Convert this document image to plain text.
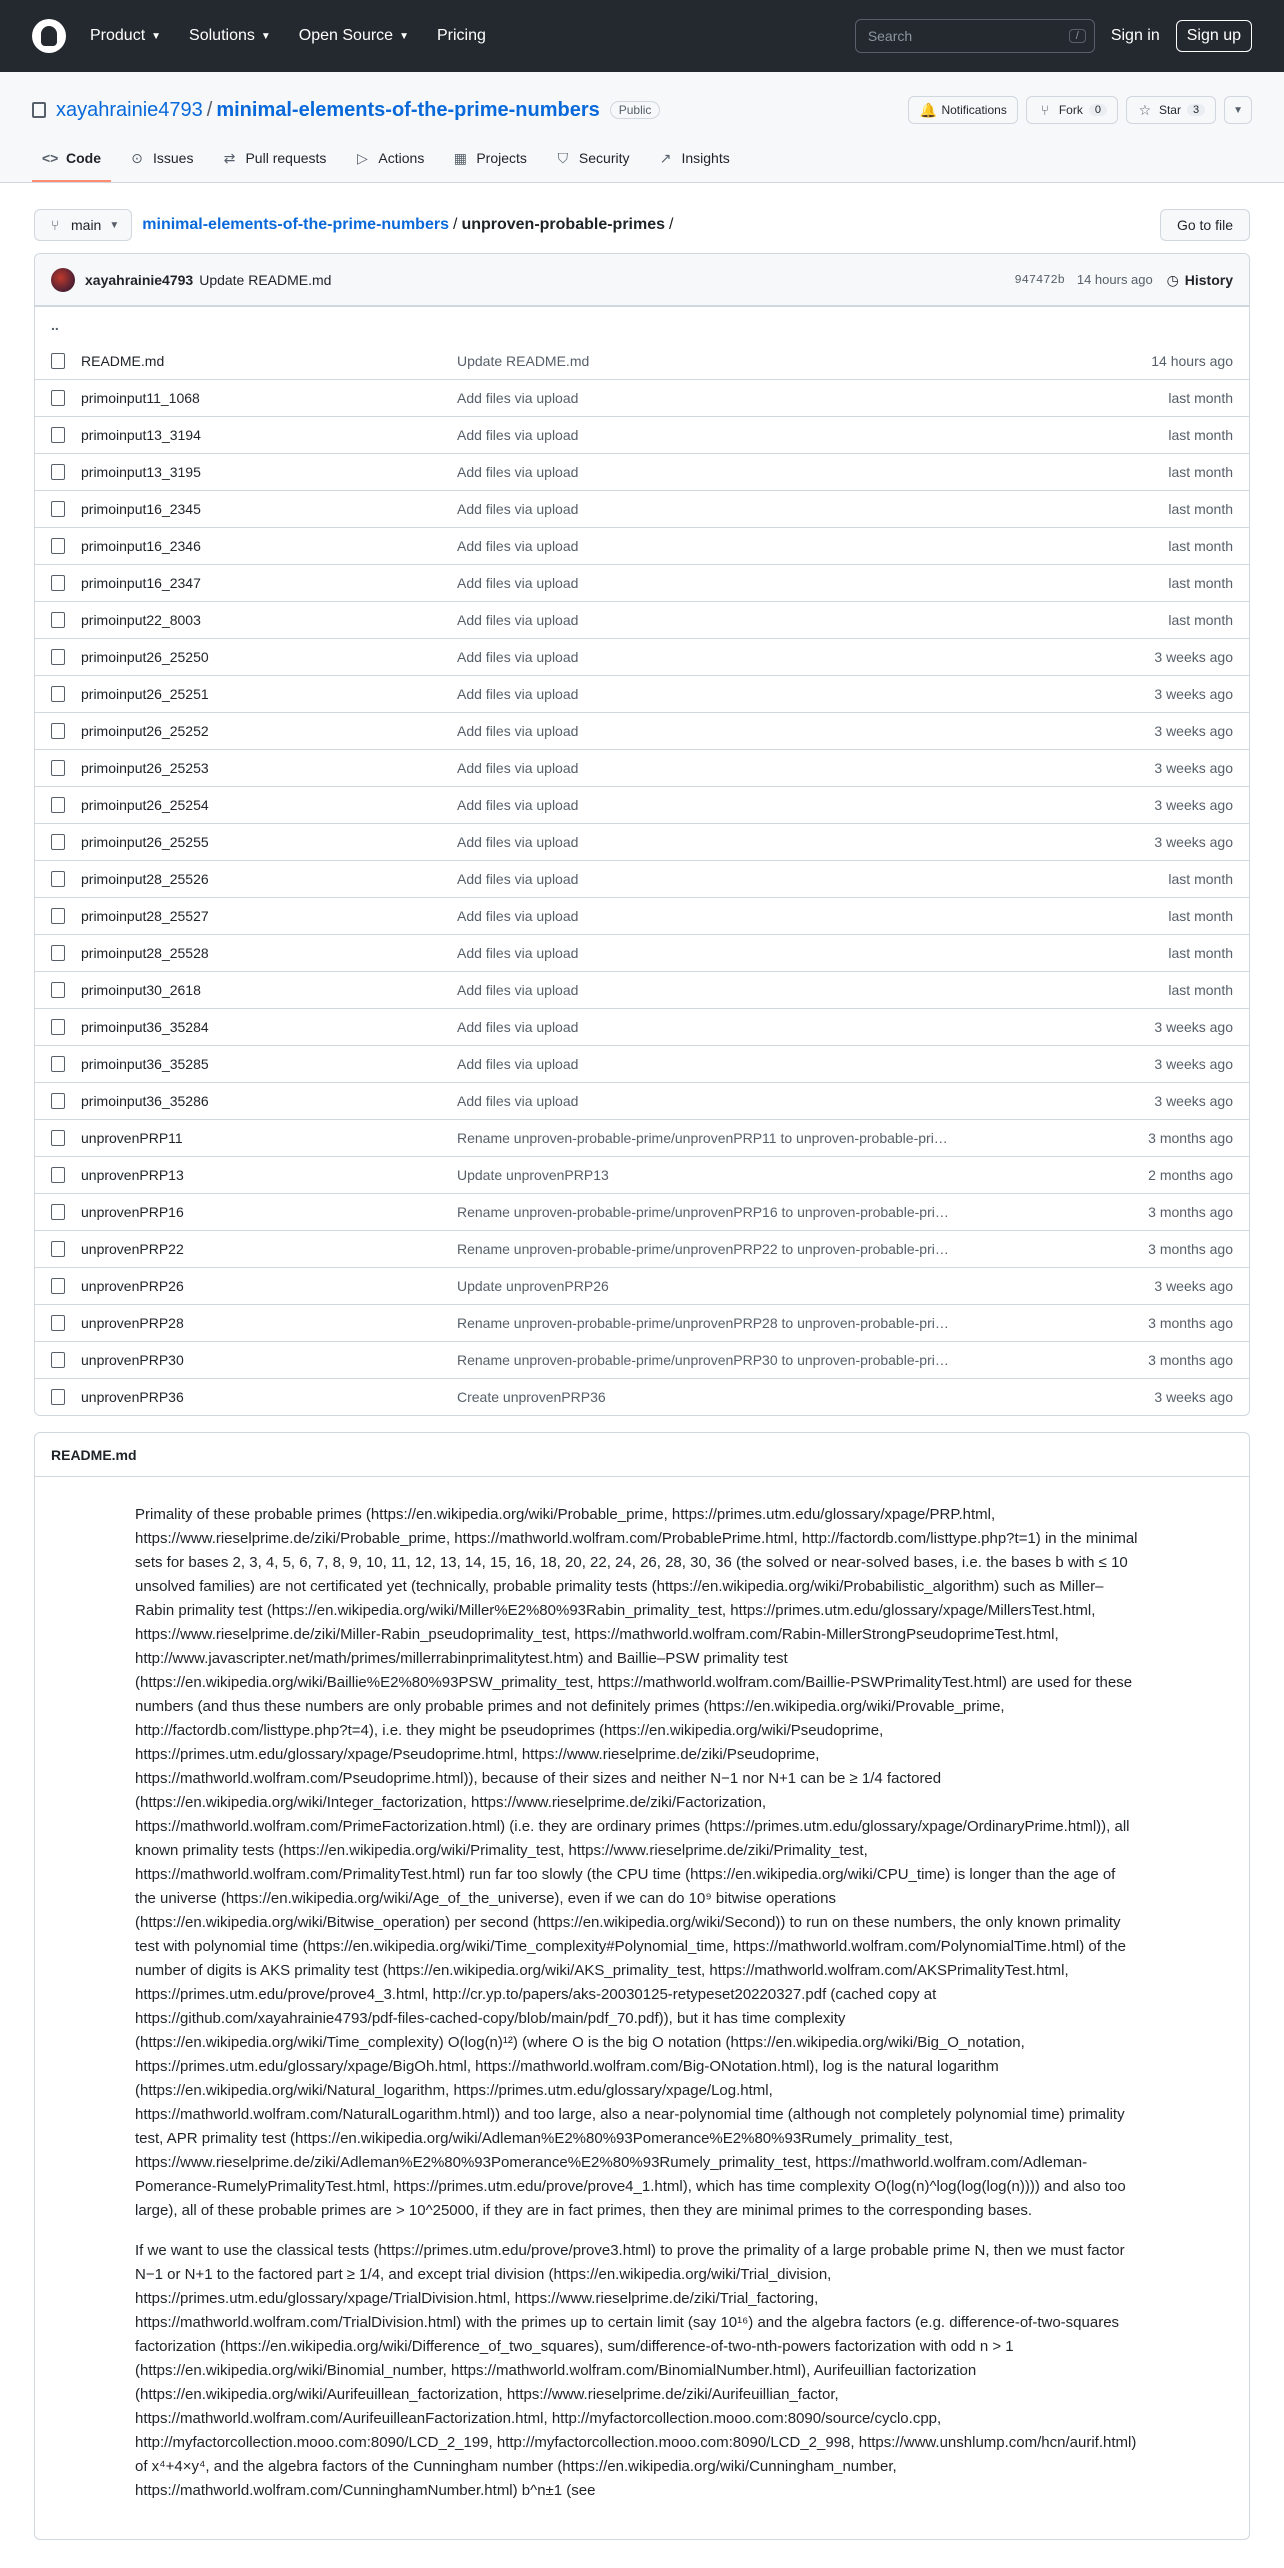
Product ▼ Solutions ▼ Open Source ▼ Pricing	Search	/	Sign in	Sign up
xayahrainie4793 / minimal-elements-of-the-prime-numbers	Public	🔔 Notifications ⑂ Fork	0	☆ Star	3	▼
<> Code ⊙ Issues ⇄ Pull requests ▷ Actions ▦ Projects ⛉ Security ↗ Insights
⑂ main ▼ minimal-elements-of-the-prime-numbers / unproven-probable-primes /	Go to file
xayahrainie4793 Update README.md	947472b 14 hours ago ◷ History
..
README.md	Update README.md	14 hours ago
primoinput11_1068	Add files via upload	last month
primoinput13_3194	Add files via upload	last month
primoinput13_3195	Add files via upload	last month
primoinput16_2345	Add files via upload	last month
primoinput16_2346	Add files via upload	last month
primoinput16_2347	Add files via upload	last month
primoinput22_8003	Add files via upload	last month
primoinput26_25250	Add files via upload	3 weeks ago
primoinput26_25251	Add files via upload	3 weeks ago
primoinput26_25252	Add files via upload	3 weeks ago
primoinput26_25253	Add files via upload	3 weeks ago
primoinput26_25254	Add files via upload	3 weeks ago
primoinput26_25255	Add files via upload	3 weeks ago
primoinput28_25526	Add files via upload	last month
primoinput28_25527	Add files via upload	last month
primoinput28_25528	Add files via upload	last month
primoinput30_2618	Add files via upload	last month
primoinput36_35284	Add files via upload	3 weeks ago
primoinput36_35285	Add files via upload	3 weeks ago
primoinput36_35286	Add files via upload	3 weeks ago
unprovenPRP11	Rename unproven-probable-prime/unprovenPRP11 to unproven-probable-pri…	3 months ago
unprovenPRP13	Update unprovenPRP13	2 months ago
unprovenPRP16	Rename unproven-probable-prime/unprovenPRP16 to unproven-probable-pri…	3 months ago
unprovenPRP22	Rename unproven-probable-prime/unprovenPRP22 to unproven-probable-pri…	3 months ago
unprovenPRP26	Update unprovenPRP26	3 weeks ago
unprovenPRP28	Rename unproven-probable-prime/unprovenPRP28 to unproven-probable-pri…	3 months ago
unprovenPRP30	Rename unproven-probable-prime/unprovenPRP30 to unproven-probable-pri…	3 months ago
unprovenPRP36	Create unprovenPRP36	3 weeks ago
README.md

Primality of these probable primes (https://en.wikipedia.org/wiki/Probable_prime, https://primes.utm.edu/glossary/xpage/PRP.html, https://www.rieselprime.de/ziki/Probable_prime, https://mathworld.wolfram.com/ProbablePrime.html, http://factordb.com/listtype.php?t=1) in the minimal sets for bases 2, 3, 4, 5, 6, 7, 8, 9, 10, 11, 12, 13, 14, 15, 16, 18, 20, 22, 24, 26, 28, 30, 36 (the solved or near-solved bases, i.e. the bases b with ≤ 10 unsolved families) are not certificated yet (technically, probable primality tests (https://en.wikipedia.org/wiki/Probabilistic_algorithm) such as Miller–Rabin primality test (https://en.wikipedia.org/wiki/Miller%E2%80%93Rabin_primality_test, https://primes.utm.edu/glossary/xpage/MillersTest.html, https://www.rieselprime.de/ziki/Miller-Rabin_pseudoprimality_test, https://mathworld.wolfram.com/Rabin-MillerStrongPseudoprimeTest.html, http://www.javascripter.net/math/primes/millerrabinprimalitytest.htm) and Baillie–PSW primality test (https://en.wikipedia.org/wiki/Baillie%E2%80%93PSW_primality_test, https://mathworld.wolfram.com/Baillie-PSWPrimalityTest.html) are used for these numbers (and thus these numbers are only probable primes and not definitely primes (https://en.wikipedia.org/wiki/Provable_prime, http://factordb.com/listtype.php?t=4), i.e. they might be pseudoprimes (https://en.wikipedia.org/wiki/Pseudoprime, https://primes.utm.edu/glossary/xpage/Pseudoprime.html, https://www.rieselprime.de/ziki/Pseudoprime, https://mathworld.wolfram.com/Pseudoprime.html)), because of their sizes and neither N−1 nor N+1 can be ≥ 1/4 factored (https://en.wikipedia.org/wiki/Integer_factorization, https://www.rieselprime.de/ziki/Factorization, https://mathworld.wolfram.com/PrimeFactorization.html) (i.e. they are ordinary primes (https://primes.utm.edu/glossary/xpage/OrdinaryPrime.html)), all known primality tests (https://en.wikipedia.org/wiki/Primality_test, https://www.rieselprime.de/ziki/Primality_test, https://mathworld.wolfram.com/PrimalityTest.html) run far too slowly (the CPU time (https://en.wikipedia.org/wiki/CPU_time) is longer than the age of the universe (https://en.wikipedia.org/wiki/Age_of_the_universe), even if we can do 10⁹ bitwise operations (https://en.wikipedia.org/wiki/Bitwise_operation) per second (https://en.wikipedia.org/wiki/Second)) to run on these numbers, the only known primality test with polynomial time (https://en.wikipedia.org/wiki/Time_complexity#Polynomial_time, https://mathworld.wolfram.com/PolynomialTime.html) of the number of digits is AKS primality test (https://en.wikipedia.org/wiki/AKS_primality_test, https://mathworld.wolfram.com/AKSPrimalityTest.html, https://primes.utm.edu/prove/prove4_3.html, http://cr.yp.to/papers/aks-20030125-retypeset20220327.pdf (cached copy at https://github.com/xayahrainie4793/pdf-files-cached-copy/blob/main/pdf_70.pdf)), but it has time complexity (https://en.wikipedia.org/wiki/Time_complexity) O(log(n)¹²) (where O is the big O notation (https://en.wikipedia.org/wiki/Big_O_notation, https://primes.utm.edu/glossary/xpage/BigOh.html, https://mathworld.wolfram.com/Big-ONotation.html), log is the natural logarithm (https://en.wikipedia.org/wiki/Natural_logarithm, https://primes.utm.edu/glossary/xpage/Log.html, https://mathworld.wolfram.com/NaturalLogarithm.html)) and too large, also a near-polynomial time (although not completely polynomial time) primality test, APR primality test (https://en.wikipedia.org/wiki/Adleman%E2%80%93Pomerance%E2%80%93Rumely_primality_test, https://www.rieselprime.de/ziki/Adleman%E2%80%93Pomerance%E2%80%93Rumely_primality_test, https://mathworld.wolfram.com/Adleman-Pomerance-RumelyPrimalityTest.html, https://primes.utm.edu/prove/prove4_1.html), which has time complexity O(log(n)^log(log(log(n)))) and also too large), all of these probable primes are > 10^25000, if they are in fact primes, then they are minimal primes to the corresponding bases.

If we want to use the classical tests (https://primes.utm.edu/prove/prove3.html) to prove the primality of a large probable prime N, then we must factor N−1 or N+1 to the factored part ≥ 1/4, and except trial division (https://en.wikipedia.org/wiki/Trial_division, https://primes.utm.edu/glossary/xpage/TrialDivision.html, https://www.rieselprime.de/ziki/Trial_factoring, https://mathworld.wolfram.com/TrialDivision.html) with the primes up to certain limit (say 10¹⁶) and the algebra factors (e.g. difference-of-two-squares factorization (https://en.wikipedia.org/wiki/Difference_of_two_squares), sum/difference-of-two-nth-powers factorization with odd n > 1 (https://en.wikipedia.org/wiki/Binomial_number, https://mathworld.wolfram.com/BinomialNumber.html), Aurifeuillian factorization (https://en.wikipedia.org/wiki/Aurifeuillean_factorization, https://www.rieselprime.de/ziki/Aurifeuillian_factor, https://mathworld.wolfram.com/AurifeuilleanFactorization.html, http://myfactorcollection.mooo.com:8090/source/cyclo.cpp, http://myfactorcollection.mooo.com:8090/LCD_2_199, http://myfactorcollection.mooo.com:8090/LCD_2_998, https://www.unshlump.com/hcn/aurif.html) of x⁴+4×y⁴, and the algebra factors of the Cunningham number (https://en.wikipedia.org/wiki/Cunningham_number, https://mathworld.wolfram.com/CunninghamNumber.html) b^n±1 (see
